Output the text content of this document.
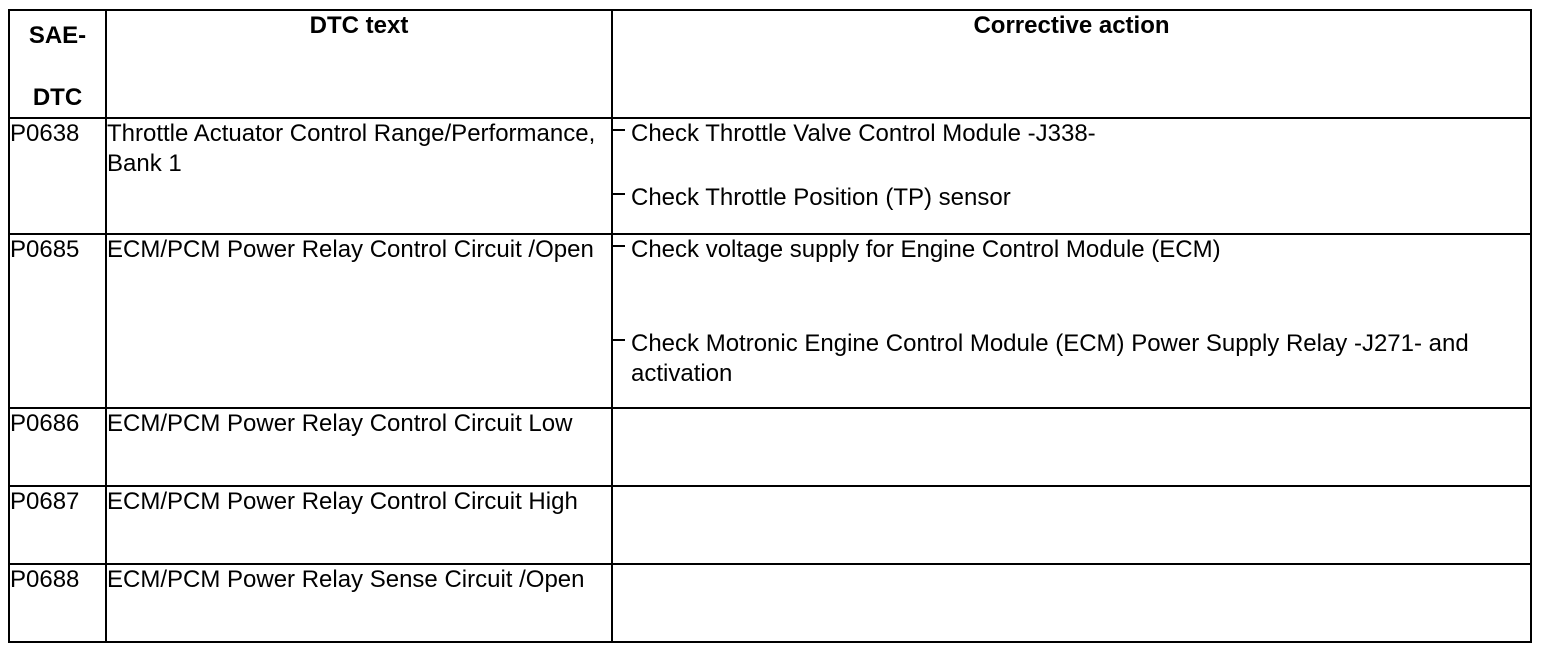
SAE-
DTC	DTC text	Corrective action
P0638	Throttle Actuator Control Range/Performance, Bank 1	Check Throttle Valve Control Module -J338-
Check Throttle Position (TP) sensor

P0685	ECM/PCM Power Relay Control Circuit /Open	Check voltage supply for Engine Control Module (ECM)
Check Motronic Engine Control Module (ECM) Power Supply Relay -J271- and activation

P0686	ECM/PCM Power Relay Control Circuit Low	
P0687	ECM/PCM Power Relay Control Circuit High	
P0688	ECM/PCM Power Relay Sense Circuit /Open	
